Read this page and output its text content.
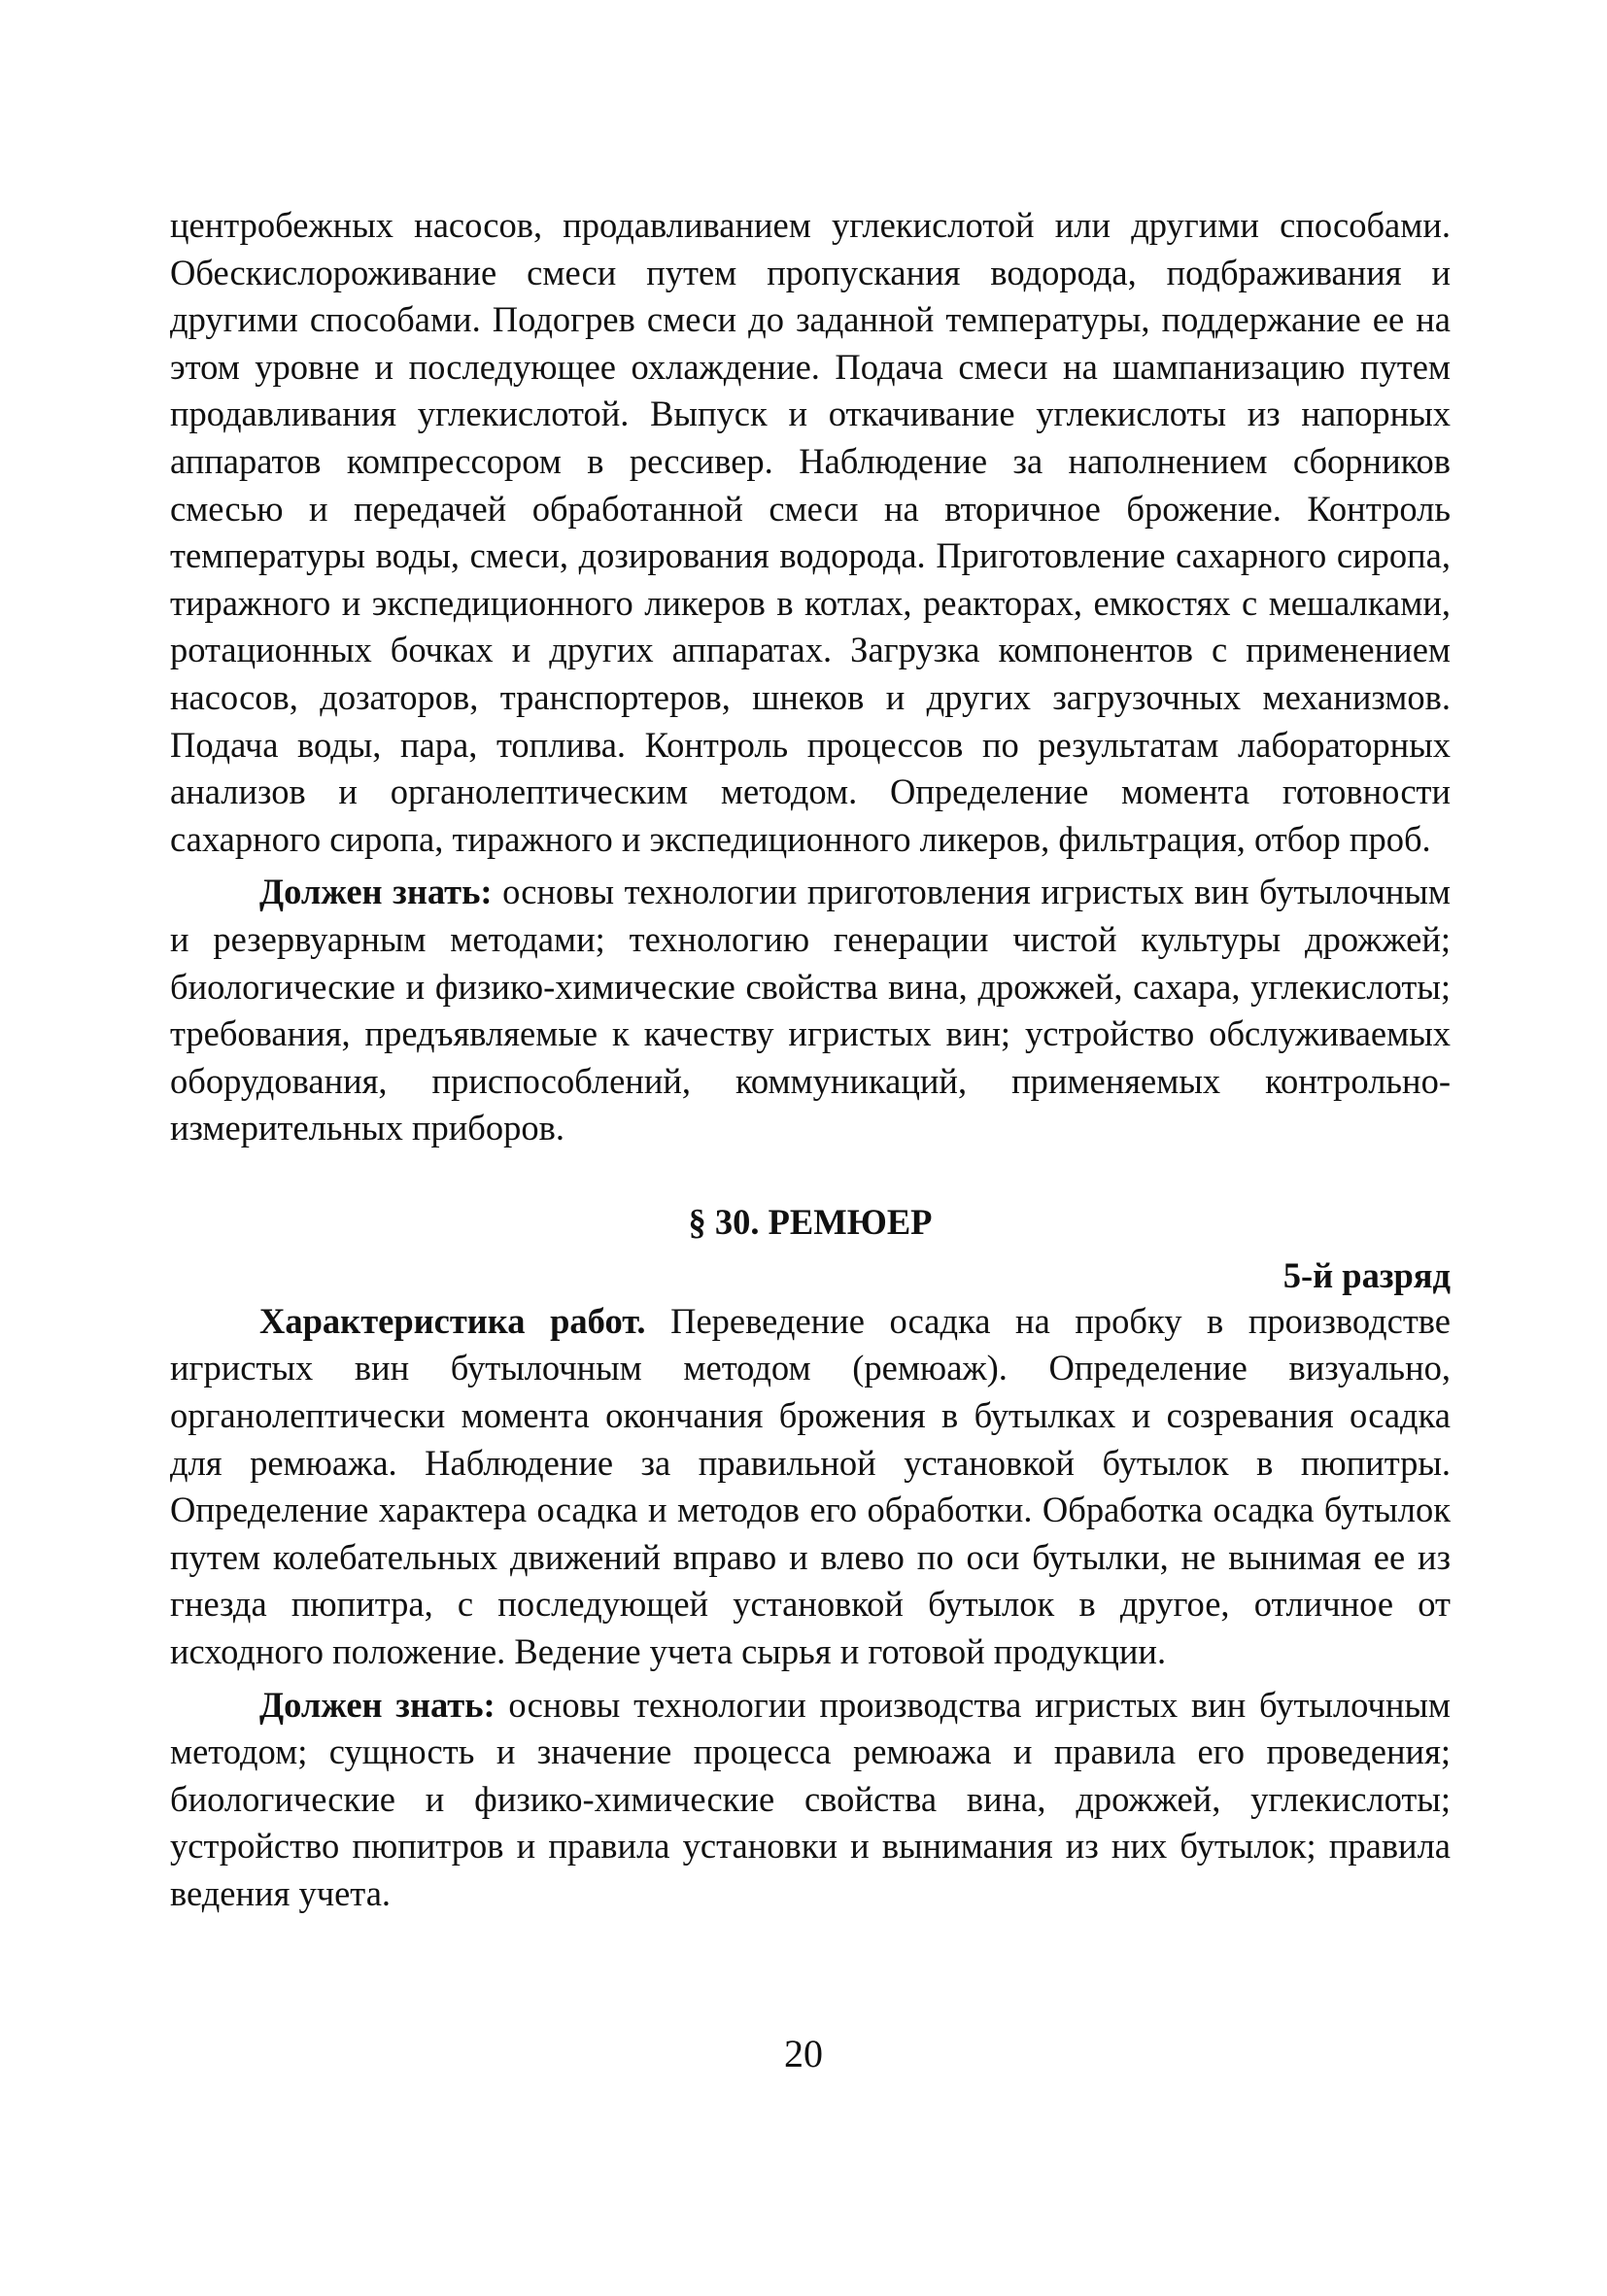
центробежных насосов, продавливанием углекислотой или другими способами. Обескислороживание смеси путем пропускания водорода, подбраживания и другими способами. Подогрев смеси до заданной температуры, поддержание ее на этом уровне и последующее охлаждение. Подача смеси на шампанизацию путем продавливания углекислотой. Выпуск и откачивание углекислоты из напорных аппаратов компрессором в рессивер. Наблюдение за наполнением сборников смесью и передачей обработанной смеси на вторичное брожение. Контроль температуры воды, смеси, дозирования водорода. Приготовление сахарного сиропа, тиражного и экспедиционного ликеров в котлах, реакторах, емкостях с мешалками, ротационных бочках и других аппаратах. Загрузка компонентов с применением насосов, дозаторов, транспортеров, шнеков и других загрузочных механизмов. Подача воды, пара, топлива. Контроль процессов по результатам лабораторных анализов и органолептическим методом. Определение момента готовности сахарного сиропа, тиражного и экспедиционного ликеров, фильтрация, отбор проб.

Должен знать: основы технологии приготовления игристых вин бутылочным и резервуарным методами; технологию генерации чистой культуры дрожжей; биологические и физико-химические свойства вина, дрожжей, сахара, углекислоты; требования, предъявляемые к качеству игристых вин; устройство обслуживаемых оборудования, приспособлений, коммуникаций, применяемых контрольно-измерительных приборов.

§ 30. РЕМЮЕР
5-й разряд

Характеристика работ. Переведение осадка на пробку в производстве игристых вин бутылочным методом (ремюаж). Определение визуально, органолептически момента окончания брожения в бутылках и созревания осадка для ремюажа. Наблюдение за правильной установкой бутылок в пюпитры. Определение характера осадка и методов его обработки. Обработка осадка бутылок путем колебательных движений вправо и влево по оси бутылки, не вынимая ее из гнезда пюпитра, с последующей установкой бутылок в другое, отличное от исходного положение. Ведение учета сырья и готовой продукции.

Должен знать: основы технологии производства игристых вин бутылочным методом; сущность и значение процесса ремюажа и правила его проведения; биологические и физико-химические свойства вина, дрожжей, углекислоты; устройство пюпитров и правила установки и вынимания из них бутылок; правила ведения учета.

20
